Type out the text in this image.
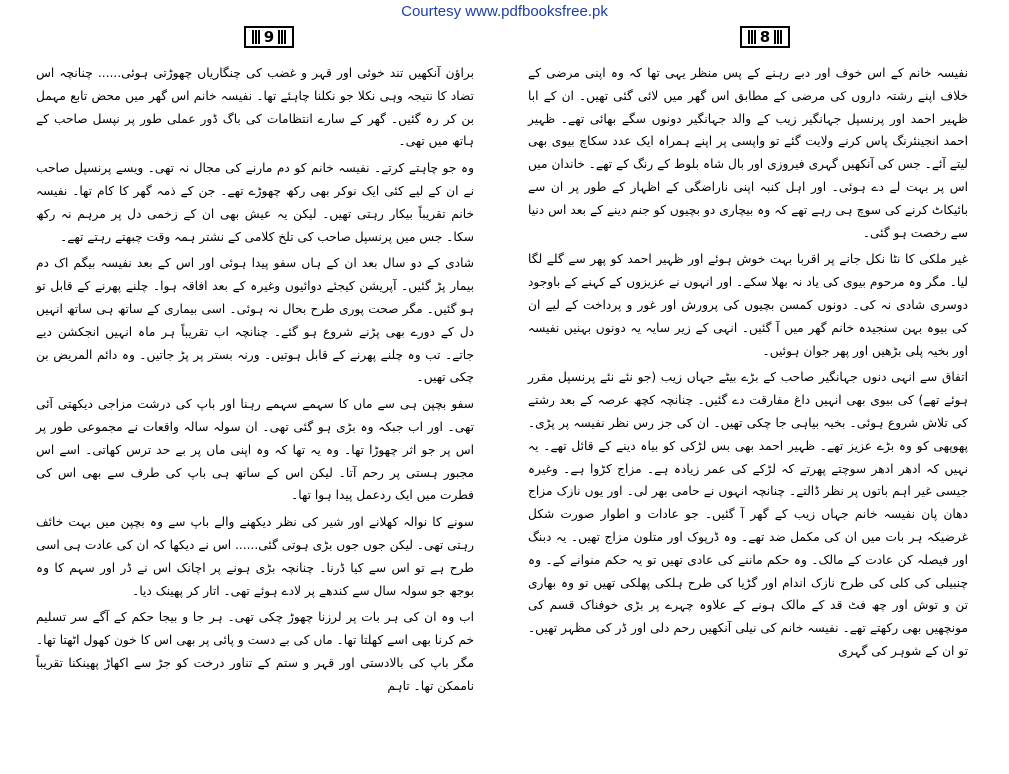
Courtesy www.pdfbooksfree.pk
9

براؤن آنکھیں تند خوئی اور قہر و غضب کی چنگاریاں چھوڑتی ہوئی...... چنانچہ اس تضاد کا نتیجہ وہی نکلا جو نکلنا چاہئے تھا۔ نفیسہ خانم اس گھر میں محض تابع مہمل بن کر رہ گئیں۔ گھر کے سارے انتظامات کی باگ ڈور عملی طور پر نپسل صاحب کے ہاتھ میں تھی۔

وہ جو چاہتے کرتے۔ نفیسہ خانم کو دم مارنے کی مجال نہ تھی۔ ویسے پرنسپل صاحب نے ان کے لیے کئی ایک نوکر بھی رکھ چھوڑے تھے۔ جن کے ذمہ گھر کا کام تھا۔ نفیسہ خانم تقریباً بیکار رہتی تھیں۔ لیکن یہ عیش بھی ان کے زخمی دل پر مرہم نہ رکھ سکا۔ جس میں پرنسپل صاحب کی تلخ کلامی کے نشتر ہمہ وقت چبھتے رہتے تھے۔

شادی کے دو سال بعد ان کے ہاں سفو پیدا ہوئی اور اس کے بعد نفیسہ بیگم اک دم بیمار پڑ گئیں۔ آپریشن کیجئے دوائیوں وغیرہ کے بعد افاقہ ہوا۔ چلنے پھرنے کے قابل تو ہو گئیں۔ مگر صحت پوری طرح بحال نہ ہوئی۔ اسی بیماری کے ساتھ ہی ساتھ انہیں دل کے دورے بھی پڑنے شروع ہو گئے۔ چنانچہ اب تقریباً ہر ماہ انہیں انجکشن دیے جاتے۔ تب وہ چلنے پھرنے کے قابل ہوتیں۔ ورنہ بستر پر پڑ جاتیں۔ وہ دائم المریض بن چکی تھیں۔

سفو بچپن ہی سے ماں کا سہمے سہمے رہنا اور باپ کی درشت مزاجی دیکھتی آئی تھی۔ اور اب جبکہ وہ بڑی ہو گئی تھی۔ ان سولہ سالہ واقعات نے مجموعی طور پر اس پر جو اثر چھوڑا تھا۔ وہ یہ تھا کہ وہ اپنی ماں پر بے حد ترس کھاتی۔ اسے اس مجبور ہستی پر رحم آتا۔ لیکن اس کے ساتھ ہی باپ کی طرف سے بھی اس کی فطرت میں ایک ردعمل پیدا ہوا تھا۔

سونے کا نوالہ کھلانے اور شیر کی نظر دیکھنے والے باپ سے وہ بچپن میں بہت خائف رہتی تھی۔ لیکن جوں جوں بڑی ہوتی گئی...... اس نے دیکھا کہ ان کی عادت ہی اسی طرح ہے تو اس سے کیا ڈرنا۔ چنانچہ بڑی ہونے پر اچانک اس نے ڈر اور سہم کا وہ بوجھ جو سولہ سال سے کندھے پر لادے ہوئے تھی۔ اتار کر پھینک دیا۔

اب وہ ان کی ہر بات پر لرزنا چھوڑ چکی تھی۔ ہر جا و بیجا حکم کے آگے سر تسلیم خم کرنا بھی اسے کھلتا تھا۔ ماں کی بے دست و پائی پر بھی اس کا خون کھول اٹھتا تھا۔ مگر باپ کی بالادستی اور قہر و ستم کے تناور درخت کو جڑ سے اکھاڑ پھینکنا تقریباً ناممکن تھا۔ تاہم

8

نفیسہ خانم کے اس خوف اور دبے رہنے کے پس منظر یہی تھا کہ وہ اپنی مرضی کے خلاف اپنے رشتہ داروں کی مرضی کے مطابق اس گھر میں لائی گئی تھیں۔ ان کے ابا ظہیر احمد اور پرنسپل جہانگیر زیب کے والد جہانگیر دونوں سگے بھائی تھے۔ ظہیر احمد انجینئرنگ پاس کرنے ولایت گئے تو واپسی پر اپنے ہمراہ ایک عدد سکاچ بیوی بھی لیتے آئے۔ جس کی آنکھیں گہری فیروزی اور بال شاہ بلوط کے رنگ کے تھے۔ خاندان میں اس پر بہت لے دے ہوئی۔ اور اہل کنبہ اپنی ناراضگی کے اظہار کے طور پر ان سے بائیکاٹ کرنے کی سوچ ہی رہے تھے کہ وہ بیچاری دو بچیوں کو جنم دینے کے بعد اس دنیا سے رخصت ہو گئی۔

غیر ملکی کا نٹا نکل جانے پر اقربا بہت خوش ہوئے اور ظہیر احمد کو پھر سے گلے لگا لیا۔ مگر وہ مرحوم بیوی کی یاد نہ بھلا سکے۔ اور انہوں نے عزیزوں کے کہنے کے باوجود دوسری شادی نہ کی۔ دونوں کمسن بچیوں کی پرورش اور غور و پرداخت کے لیے ان کی بیوہ بہن سنجیدہ خانم گھر میں آ گئیں۔ انہی کے زیر سایہ یہ دونوں بہنیں نفیسہ اور بخیہ پلی بڑھیں اور پھر جوان ہوئیں۔

اتفاق سے انہی دنوں جہانگیر صاحب کے بڑے بیٹے جہاں زیب (جو نئے نئے پرنسپل مقرر ہوئے تھے) کی بیوی بھی انہیں داغ مفارقت دے گئیں۔ چنانچہ کچھ عرصہ کے بعد رشتے کی تلاش شروع ہوئی۔ بخیہ بیاہی جا چکی تھیں۔ ان کی جز رس نظر نفیسہ پر پڑی۔ پھوپھی کو وہ بڑے عزیز تھے۔ ظہیر احمد بھی بس لڑکی کو بیاہ دینے کے قائل تھے۔ یہ نہیں کہ ادھر ادھر سوچتے پھرتے کہ لڑکے کی عمر زیادہ ہے۔ مزاج کڑوا ہے۔ وغیرہ جیسی غیر اہم باتوں پر نظر ڈالتے۔ چنانچہ انہوں نے حامی بھر لی۔ اور یوں نازک مزاج دھان پان نفیسہ خانم جہاں زیب کے گھر آ گئیں۔ جو عادات و اطوار صورت شکل غرضیکہ ہر بات میں ان کی مکمل ضد تھے۔ وہ ڈرپوک اور متلون مزاج تھیں۔ یہ دبنگ اور فیصلہ کن عادت کے مالک۔ وہ حکم ماننے کی عادی تھیں تو یہ حکم منوانے کے۔ وہ چنبیلی کی کلی کی طرح نازک اندام اور گڑیا کی طرح ہلکی پھلکی تھیں تو وہ بھاری تن و توش اور چھ فٹ قد کے مالک ہونے کے علاوہ چہرے پر بڑی خوفناک قسم کی مونچھیں بھی رکھتے تھے۔ نفیسہ خانم کی نیلی آنکھیں رحم دلی اور ڈر کی مظہر تھیں۔ تو ان کے شوہر کی گہری
